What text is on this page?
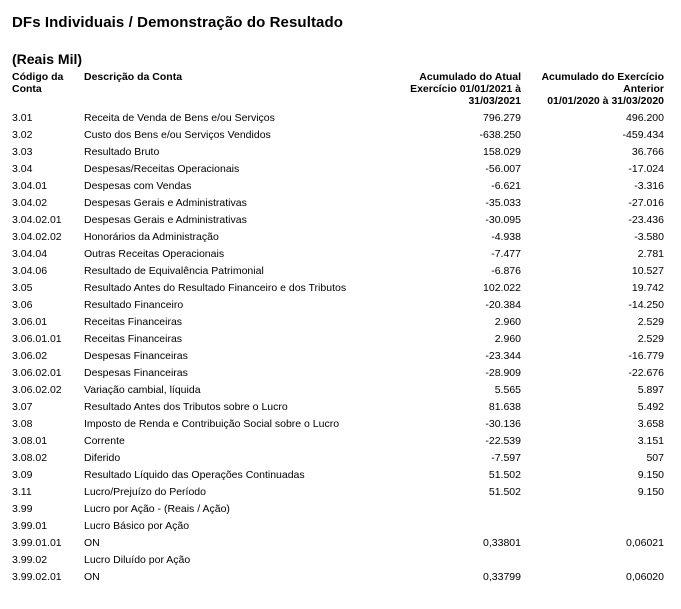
DFs Individuais / Demonstração do Resultado
(Reais Mil)
Código da
Conta
Descrição da Conta	Acumulado do Atual
Exercício 01/01/2021 à
31/03/2021
Acumulado do Exercício
Anterior
01/01/2020 à 31/03/2020
3.01	Receita de Venda de Bens e/ou Serviços	796.279	496.200
3.02	Custo dos Bens e/ou Serviços Vendidos	-638.250	-459.434
3.03	Resultado Bruto	158.029	36.766
3.04	Despesas/Receitas Operacionais	-56.007	-17.024
3.04.01	Despesas com Vendas	-6.621	-3.316
3.04.02	Despesas Gerais e Administrativas	-35.033	-27.016
3.04.02.01 Despesas Gerais e Administrativas	-30.095	-23.436
3.04.02.02 Honorários da Administração	-4.938	-3.580
3.04.04	Outras Receitas Operacionais	-7.477	2.781
3.04.06	Resultado de Equivalência Patrimonial	-6.876	10.527
3.05	Resultado Antes do Resultado Financeiro e dos Tributos	102.022	19.742
3.06	Resultado Financeiro	-20.384	-14.250
3.06.01	Receitas Financeiras	2.960	2.529
3.06.01.01 Receitas Financeiras	2.960	2.529
3.06.02	Despesas Financeiras	-23.344	-16.779
3.06.02.01 Despesas Financeiras	-28.909	-22.676
3.06.02.02 Variação cambial, líquida	5.565	5.897
3.07	Resultado Antes dos Tributos sobre o Lucro	81.638	5.492
3.08	Imposto de Renda e Contribuição Social sobre o Lucro	-30.136	3.658
3.08.01	Corrente	-22.539	3.151
3.08.02	Diferido	-7.597	507
3.09	Resultado Líquido das Operações Continuadas	51.502	9.150
3.11	Lucro/Prejuízo do Período	51.502	9.150
3.99	Lucro por Ação - (Reais / Ação)
3.99.01	Lucro Básico por Ação
3.99.01.01 ON	0,33801	0,06021
3.99.02	Lucro Diluído por Ação
3.99.02.01 ON	0,33799	0,06020
